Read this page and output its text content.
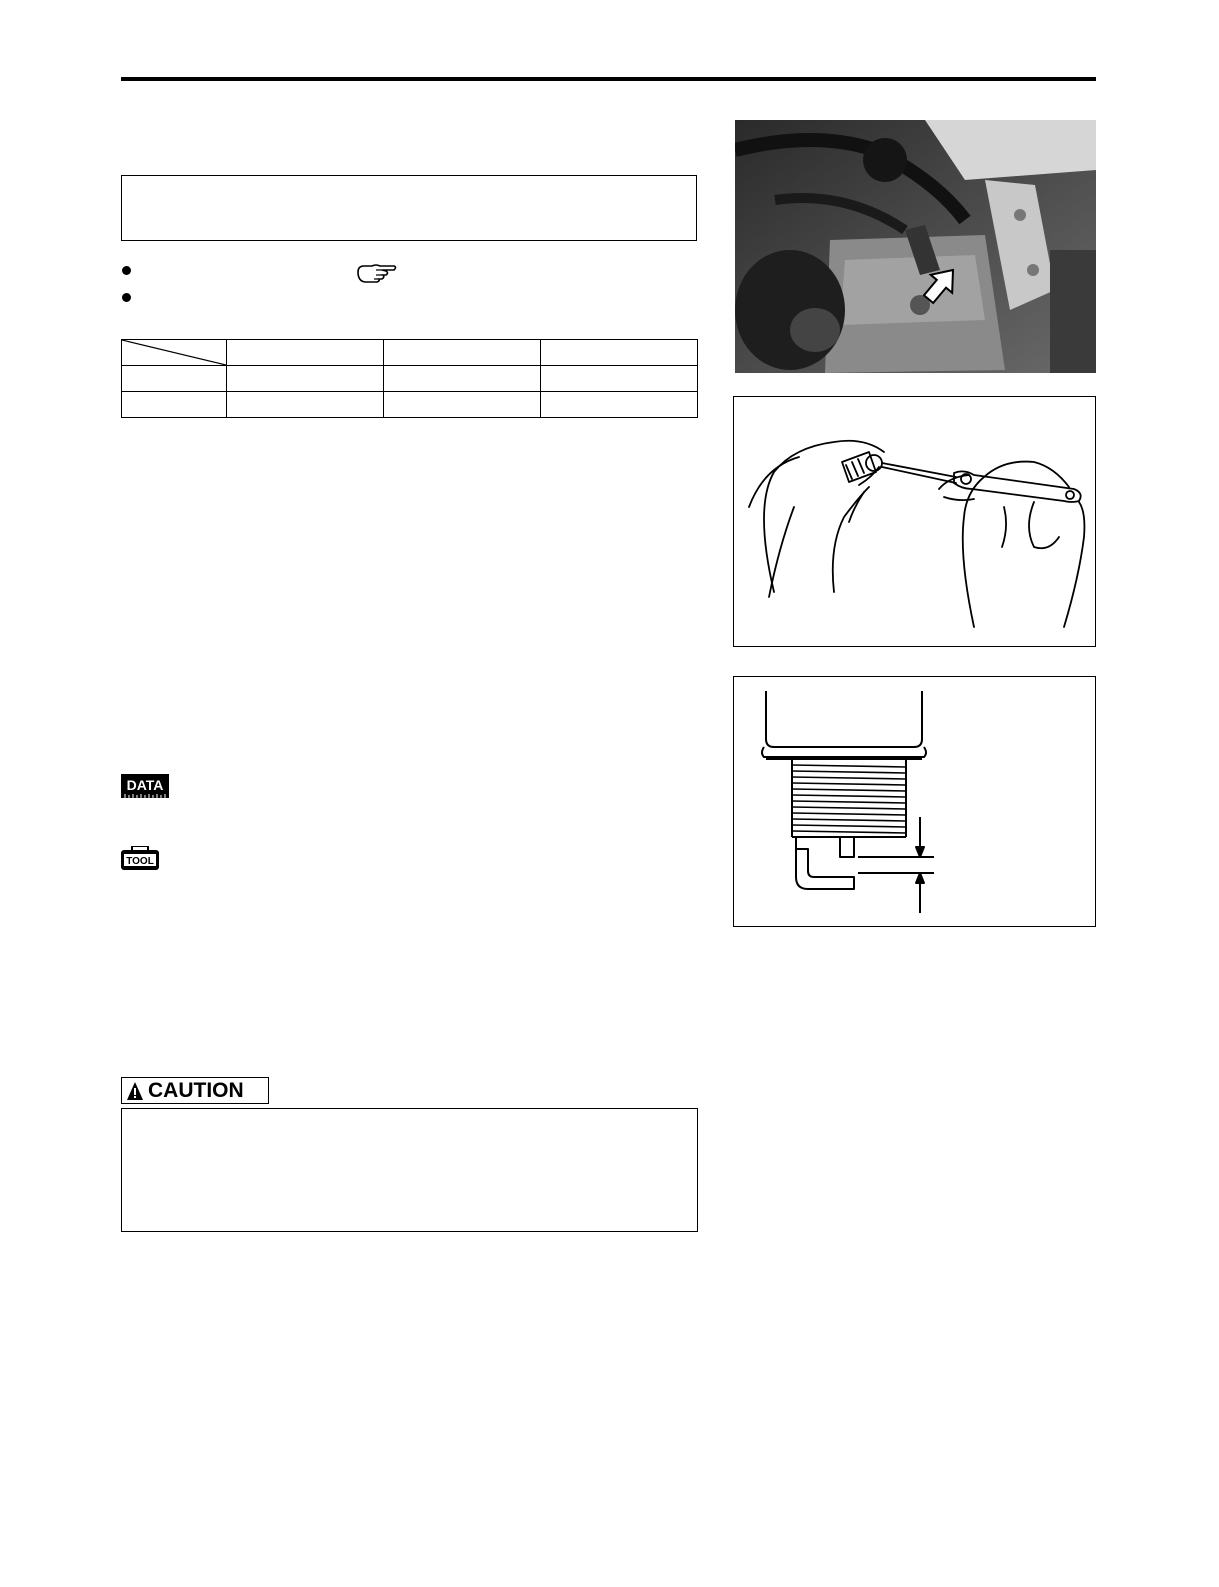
DATA
TOOL
CAUTION
